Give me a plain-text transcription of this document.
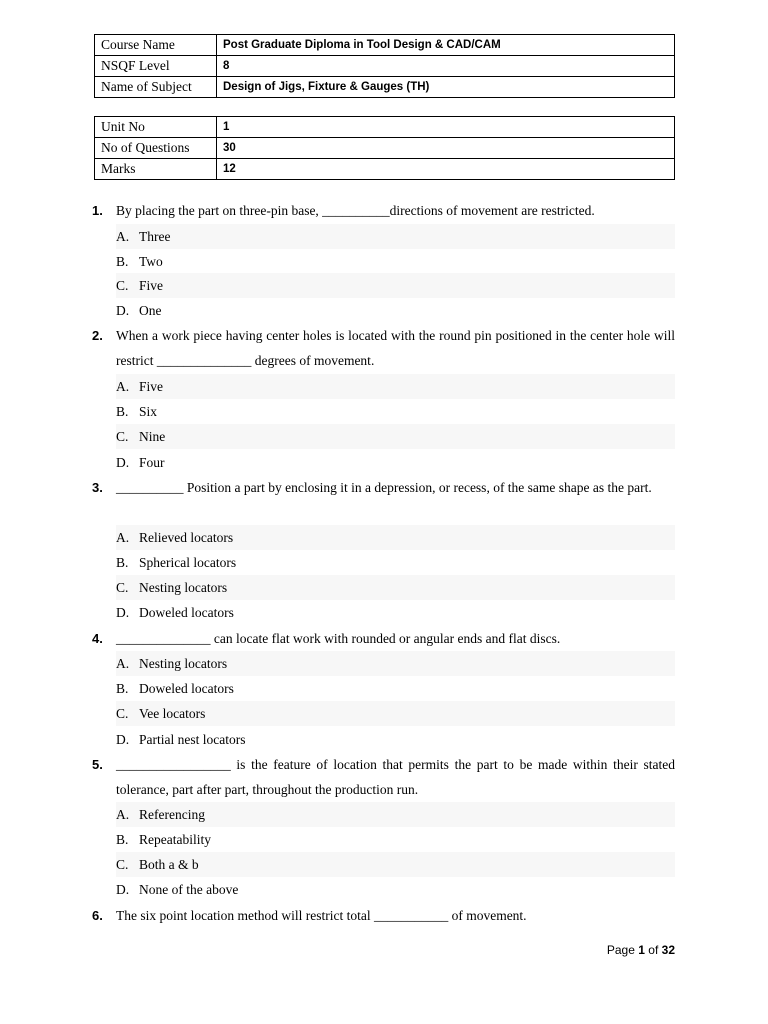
Course Name	Post Graduate Diploma in Tool Design & CAD/CAM
NSQF Level	8
Name of Subject	Design of Jigs, Fixture & Gauges (TH)
Unit No	1
No of Questions	30
Marks	12
1. By placing the part on three-pin base, __________directions of movement are restricted.
A. Three
B. Two
C. Five
D. One
2. When a work piece having center holes is located with the round pin positioned in the center hole will restrict ______________ degrees of movement.
A. Five
B. Six
C. Nine
D. Four
3. __________ Position a part by enclosing it in a depression, or recess, of the same shape as the part.
A. Relieved locators
B. Spherical locators
C. Nesting locators
D. Doweled locators
4. ______________ can locate flat work with rounded or angular ends and flat discs.
A. Nesting locators
B. Doweled locators
C. Vee locators
D. Partial nest locators
5. _________________ is the feature of location that permits the part to be made within their stated tolerance, part after part, throughout the production run.
A. Referencing
B. Repeatability
C. Both a & b
D. None of the above
6. The six point location method will restrict total ___________ of movement.
Page 1 of 32
